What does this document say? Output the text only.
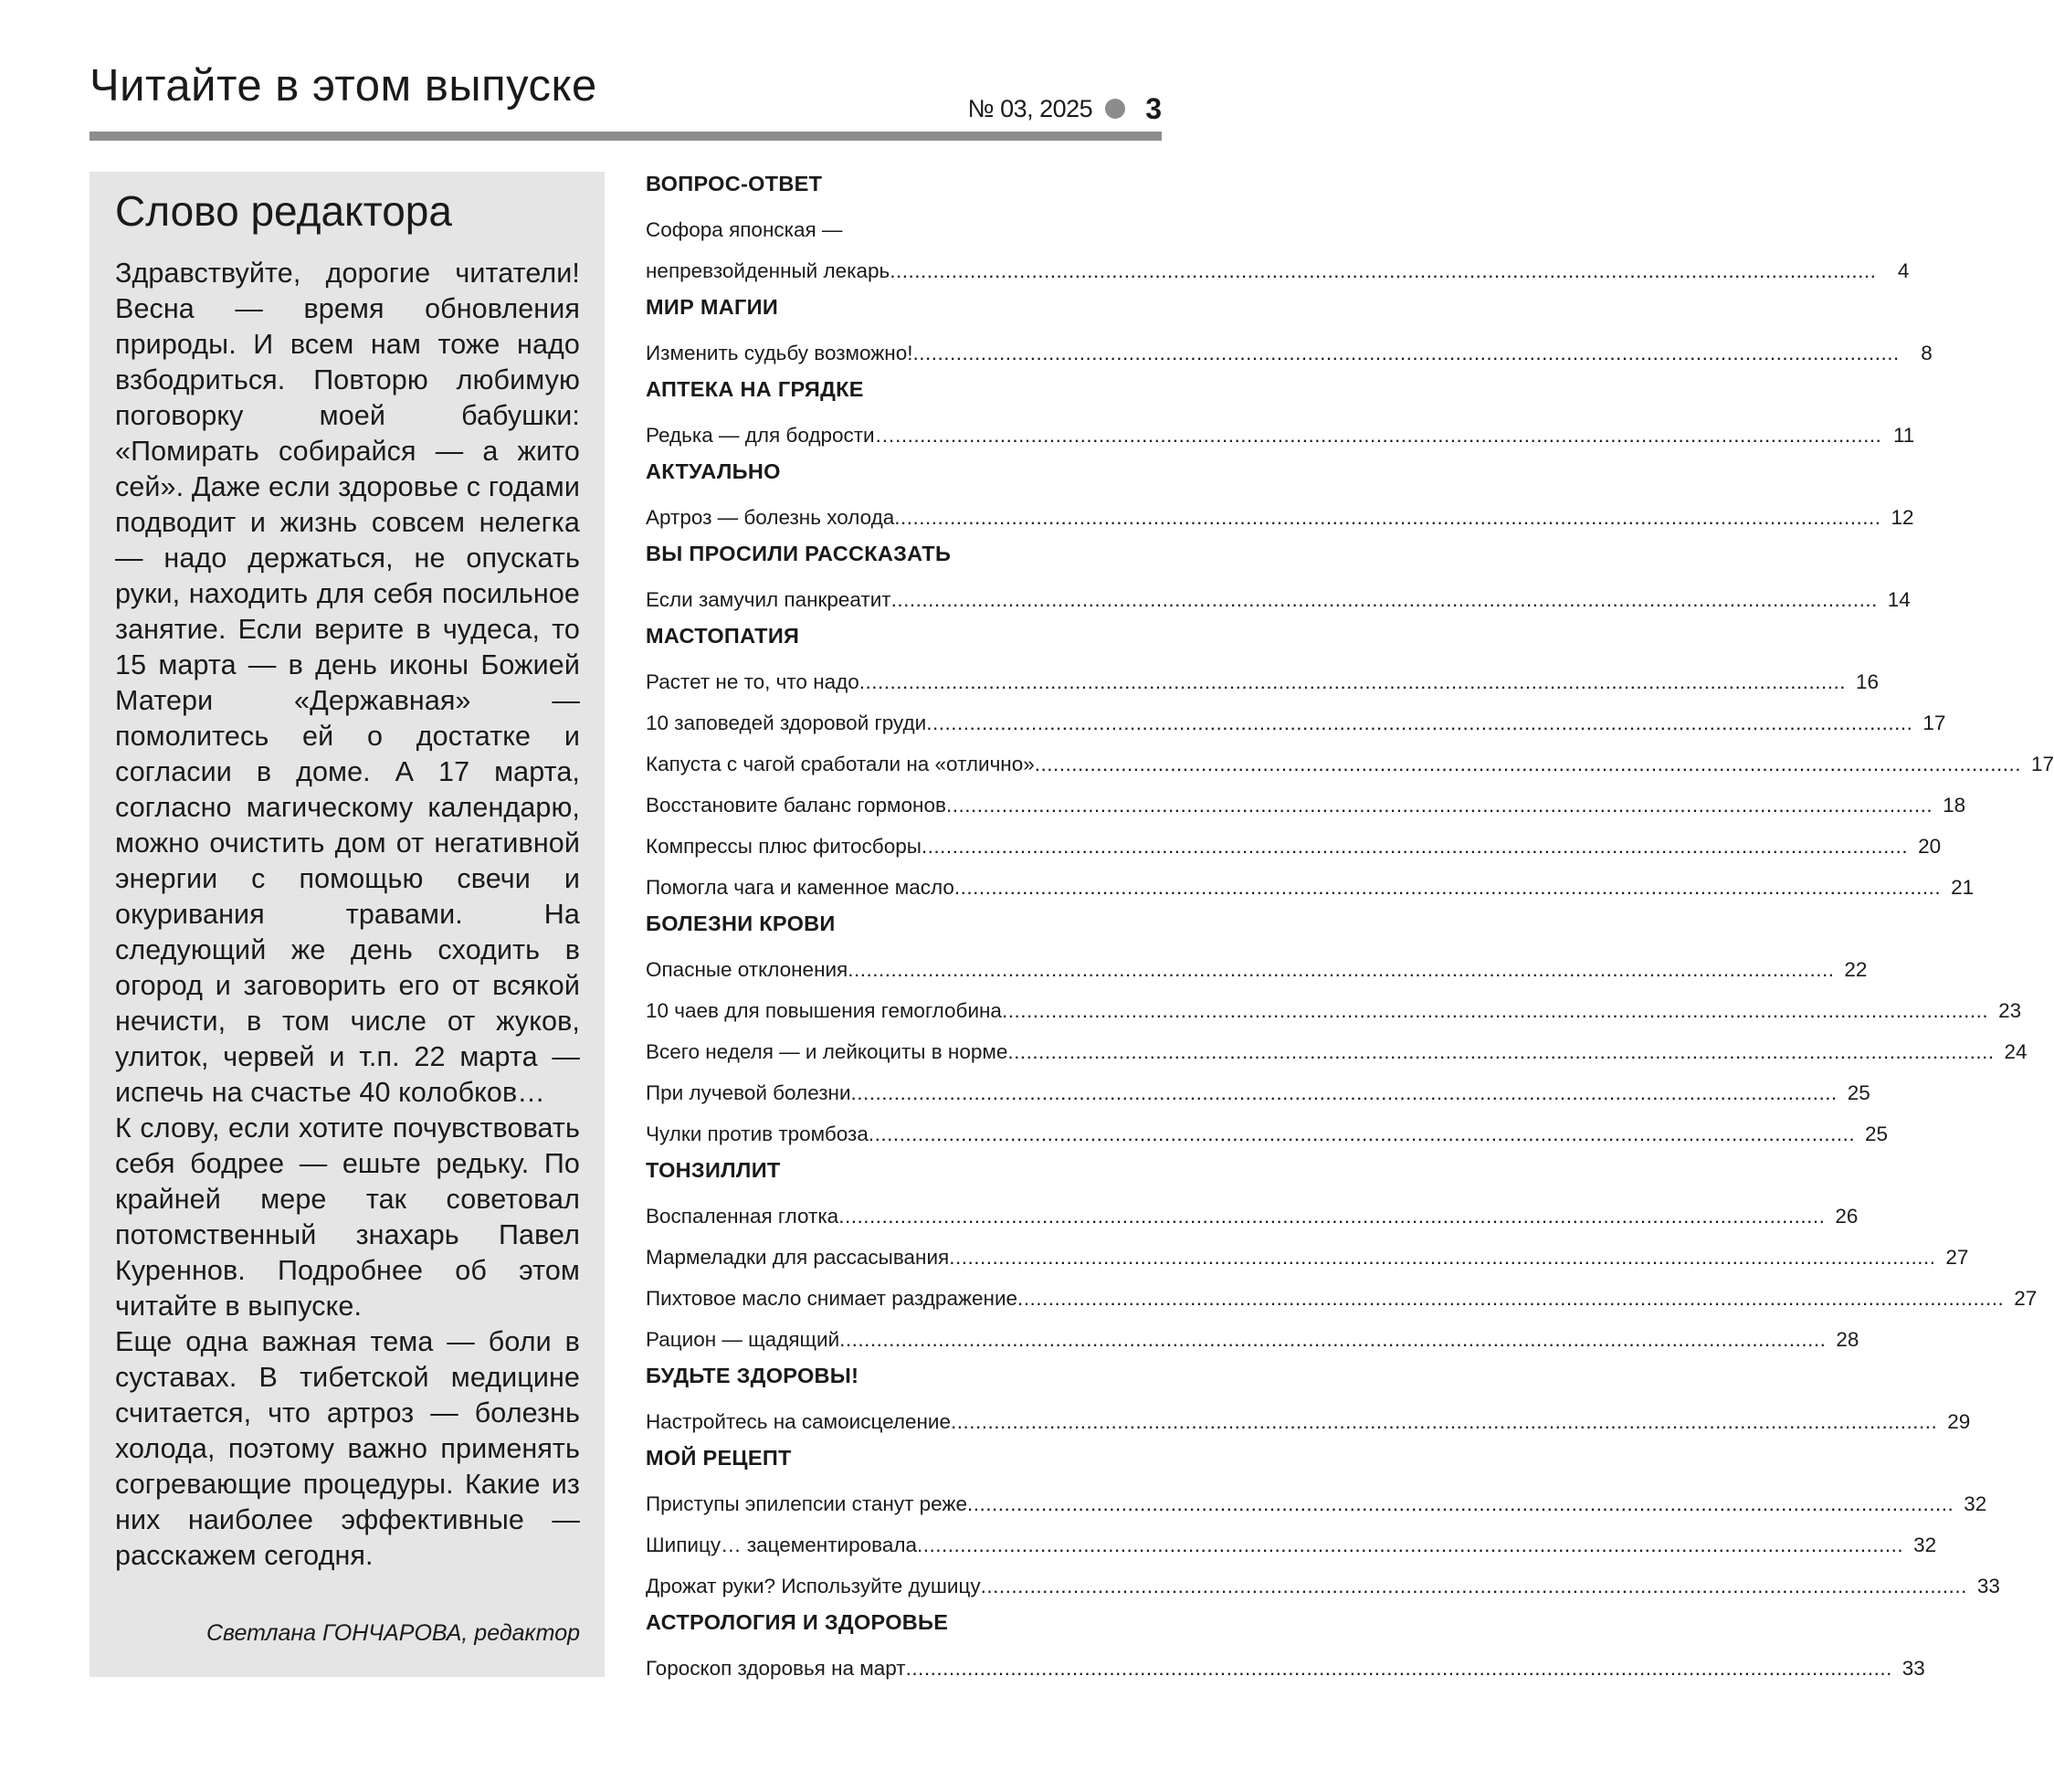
Читайте в этом выпуске	№ 03, 2025 3
Слово редактора

Здравствуйте, дорогие читатели! Весна — время обновления природы. И всем нам тоже надо взбодриться. Повторю любимую поговорку моей бабушки: «Помирать собирайся — а жито сей». Даже если здоровье с годами подводит и жизнь совсем нелегка — надо держаться, не опускать руки, находить для себя посильное занятие. Если верите в чудеса, то 15 марта — в день иконы Божией Матери «Державная» — помолитесь ей о достатке и согласии в доме. А 17 марта, согласно магическому календарю, можно очистить дом от негативной энергии с помощью свечи и окуривания травами. На следующий же день сходить в огород и заговорить его от всякой нечисти, в том числе от жуков, улиток, червей и т.п. 22 марта — испечь на счастье 40 колобков…

К слову, если хотите почувствовать себя бодрее — ешьте редьку. По крайней мере так советовал потомственный знахарь Павел Куреннов. Подробнее об этом читайте в выпуске.

Еще одна важная тема — боли в суставах. В тибетской медицине считается, что артроз — болезнь холода, поэтому важно применять согревающие процедуры. Какие из них наиболее эффективные — расскажем сегодня.

Светлана ГОНЧАРОВА, редактор
ВОПРОС-ОТВЕТ
Софора японская —
непревзойденный лекарь .....	4
МИР МАГИИ
Изменить судьбу возможно! .....	8
АПТЕКА НА ГРЯДКЕ
Редька — для бодрости… .....	11
АКТУАЛЬНО
Артроз — болезнь холода .....	12
ВЫ ПРОСИЛИ РАССКАЗАТЬ
Если замучил панкреатит .....	14
МАСТОПАТИЯ
Растет не то, что надо .....	16
10 заповедей здоровой груди .....	17
Капуста с чагой сработали на «отлично» .....	17
Восстановите баланс гормонов .....	18
Компрессы плюс фитосборы .....	20
Помогла чага и каменное масло .....	21
БОЛЕЗНИ КРОВИ
Опасные отклонения .....	22
10 чаев для повышения гемоглобина .....	23
Всего неделя — и лейкоциты в норме .....	24
При лучевой болезни .....	25
Чулки против тромбоза .....	25
ТОНЗИЛЛИТ
Воспаленная глотка .....	26
Мармеладки для рассасывания .....	27
Пихтовое масло снимает раздражение .....	27
Рацион — щадящий .....	28
БУДЬТЕ ЗДОРОВЫ!
Настройтесь на самоисцеление .....	29
МОЙ РЕЦЕПТ
Приступы эпилепсии станут реже .....	32
Шипицу… зацементировала .....	32
Дрожат руки? Используйте душицу .....	33
АСТРОЛОГИЯ И ЗДОРОВЬЕ
Гороскоп здоровья на март .....	33
